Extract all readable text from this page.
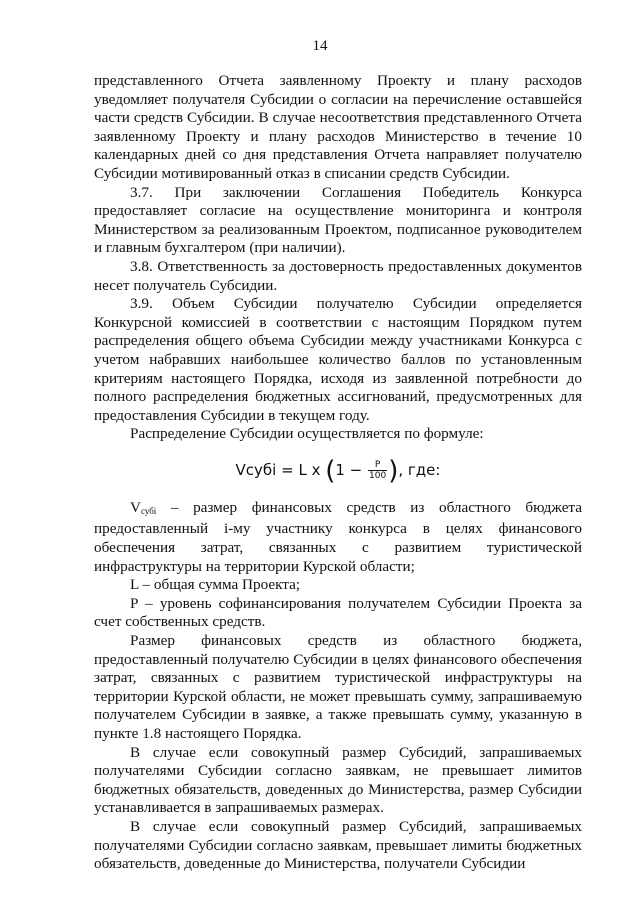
14

представленного Отчета заявленному Проекту и плану расходов уведомляет получателя Субсидии о согласии на перечисление оставшейся части средств Субсидии. В случае несоответствия представленного Отчета заявленному Проекту и плану расходов Министерство в течение 10 календарных дней со дня представления Отчета направляет получателю Субсидии мотивированный отказ в списании средств Субсидии.

3.7. При заключении Соглашения Победитель Конкурса предоставляет согласие на осуществление мониторинга и контроля Министерством за реализованным Проектом, подписанное руководителем и главным бухгалтером (при наличии).

3.8. Ответственность за достоверность предоставленных документов несет получатель Субсидии.

3.9. Объем Субсидии получателю Субсидии определяется Конкурсной комиссией в соответствии с настоящим Порядком путем распределения общего объема Субсидии между участниками Конкурса с учетом набравших наибольшее количество баллов по установленным критериям настоящего Порядка, исходя из заявленной потребности до полного распределения бюджетных ассигнований, предусмотренных для предоставления Субсидии в текущем году.

Распределение Субсидии осуществляется по формуле:

Vсубi = L x ($1 - \frac{P}{100}$ ), где:

$V_{субi}$ – размер финансовых средств из областного бюджета предоставленный i-му участнику конкурса в целях финансового обеспечения затрат, связанных с развитием туристической инфраструктуры на территории Курской области;

L – общая сумма Проекта;

P – уровень софинансирования получателем Субсидии Проекта за счет собственных средств.

Размер финансовых средств из областного бюджета, предоставленный получателю Субсидии в целях финансового обеспечения затрат, связанных с развитием туристической инфраструктуры на территории Курской области, не может превышать сумму, запрашиваемую получателем Субсидии в заявке, а также превышать сумму, указанную в пункте 1.8 настоящего Порядка.

В случае если совокупный размер Субсидий, запрашиваемых получателями Субсидии согласно заявкам, не превышает лимитов бюджетных обязательств, доведенных до Министерства, размер Субсидии устанавливается в запрашиваемых размерах.

В случае если совокупный размер Субсидий, запрашиваемых получателями Субсидии согласно заявкам, превышает лимиты бюджетных обязательств, доведенные до Министерства, получатели Субсидии
